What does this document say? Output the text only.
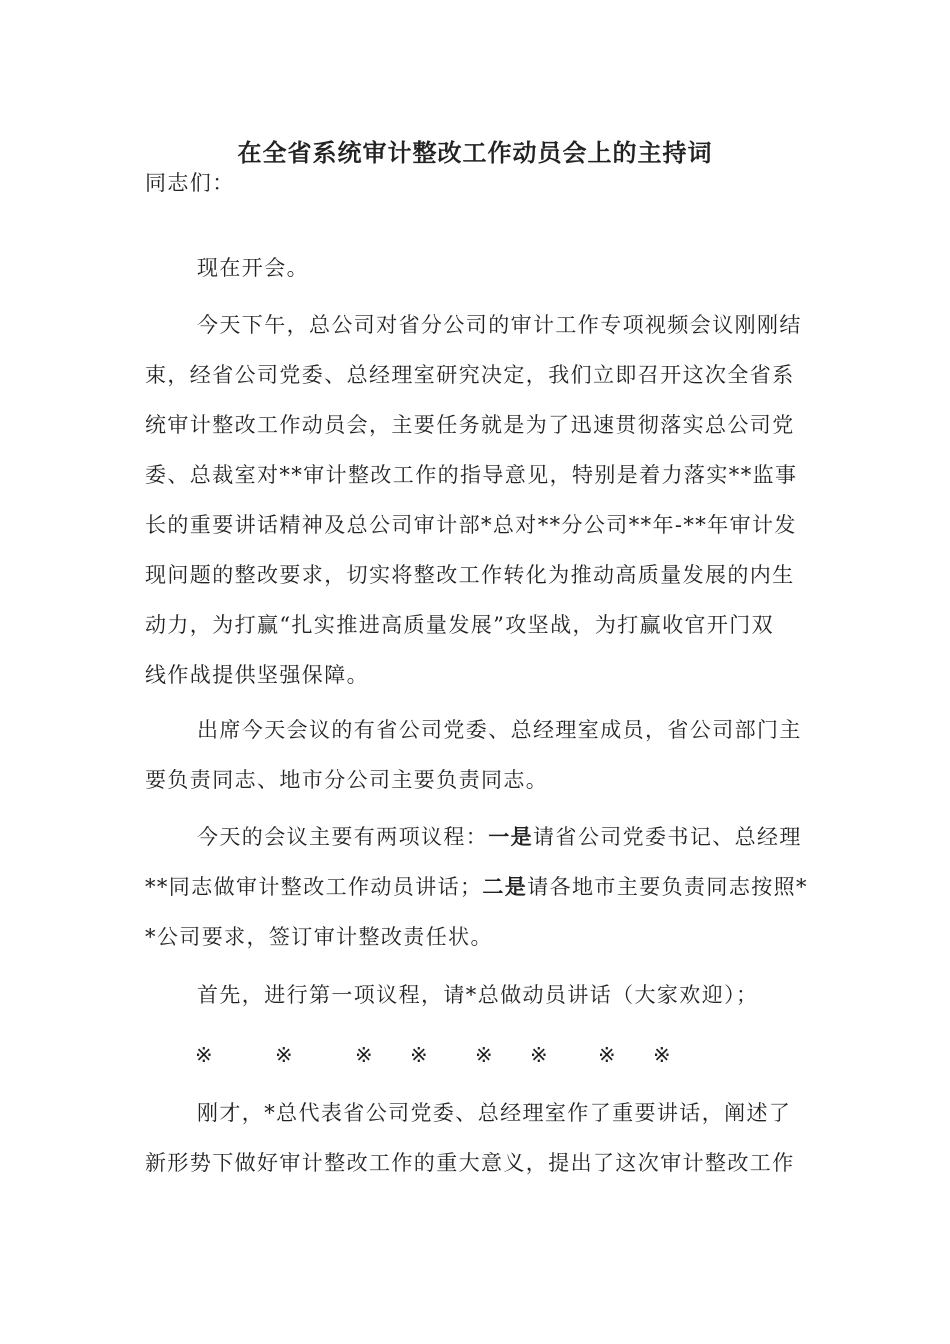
在全省系统审计整改工作动员会上的主持词
同志们：
现在开会。
今天下午，总公司对省分公司的审计工作专项视频会议刚刚结
束，经省公司党委、总经理室研究决定，我们立即召开这次全省系
统审计整改工作动员会，主要任务就是为了迅速贯彻落实总公司党
委、总裁室对**审计整改工作的指导意见，特别是着力落实**监事
长的重要讲话精神及总公司审计部*总对**分公司**年-**年审计发
现问题的整改要求，切实将整改工作转化为推动高质量发展的内生
动力，为打赢“扎实推进高质量发展”攻坚战，为打赢收官开门双
线作战提供坚强保障。
出席今天会议的有省公司党委、总经理室成员，省公司部门主
要负责同志、地市分公司主要负责同志。
今天的会议主要有两项议程：一是请省公司党委书记、总经理
**同志做审计整改工作动员讲话；二是请各地市主要负责同志按照*
*公司要求，签订审计整改责任状。
首先，进行第一项议程，请*总做动员讲话（大家欢迎）；
※	※	※ ※ ※ ※ ※ ※
刚才，*总代表省公司党委、总经理室作了重要讲话，阐述了
新形势下做好审计整改工作的重大意义，提出了这次审计整改工作
